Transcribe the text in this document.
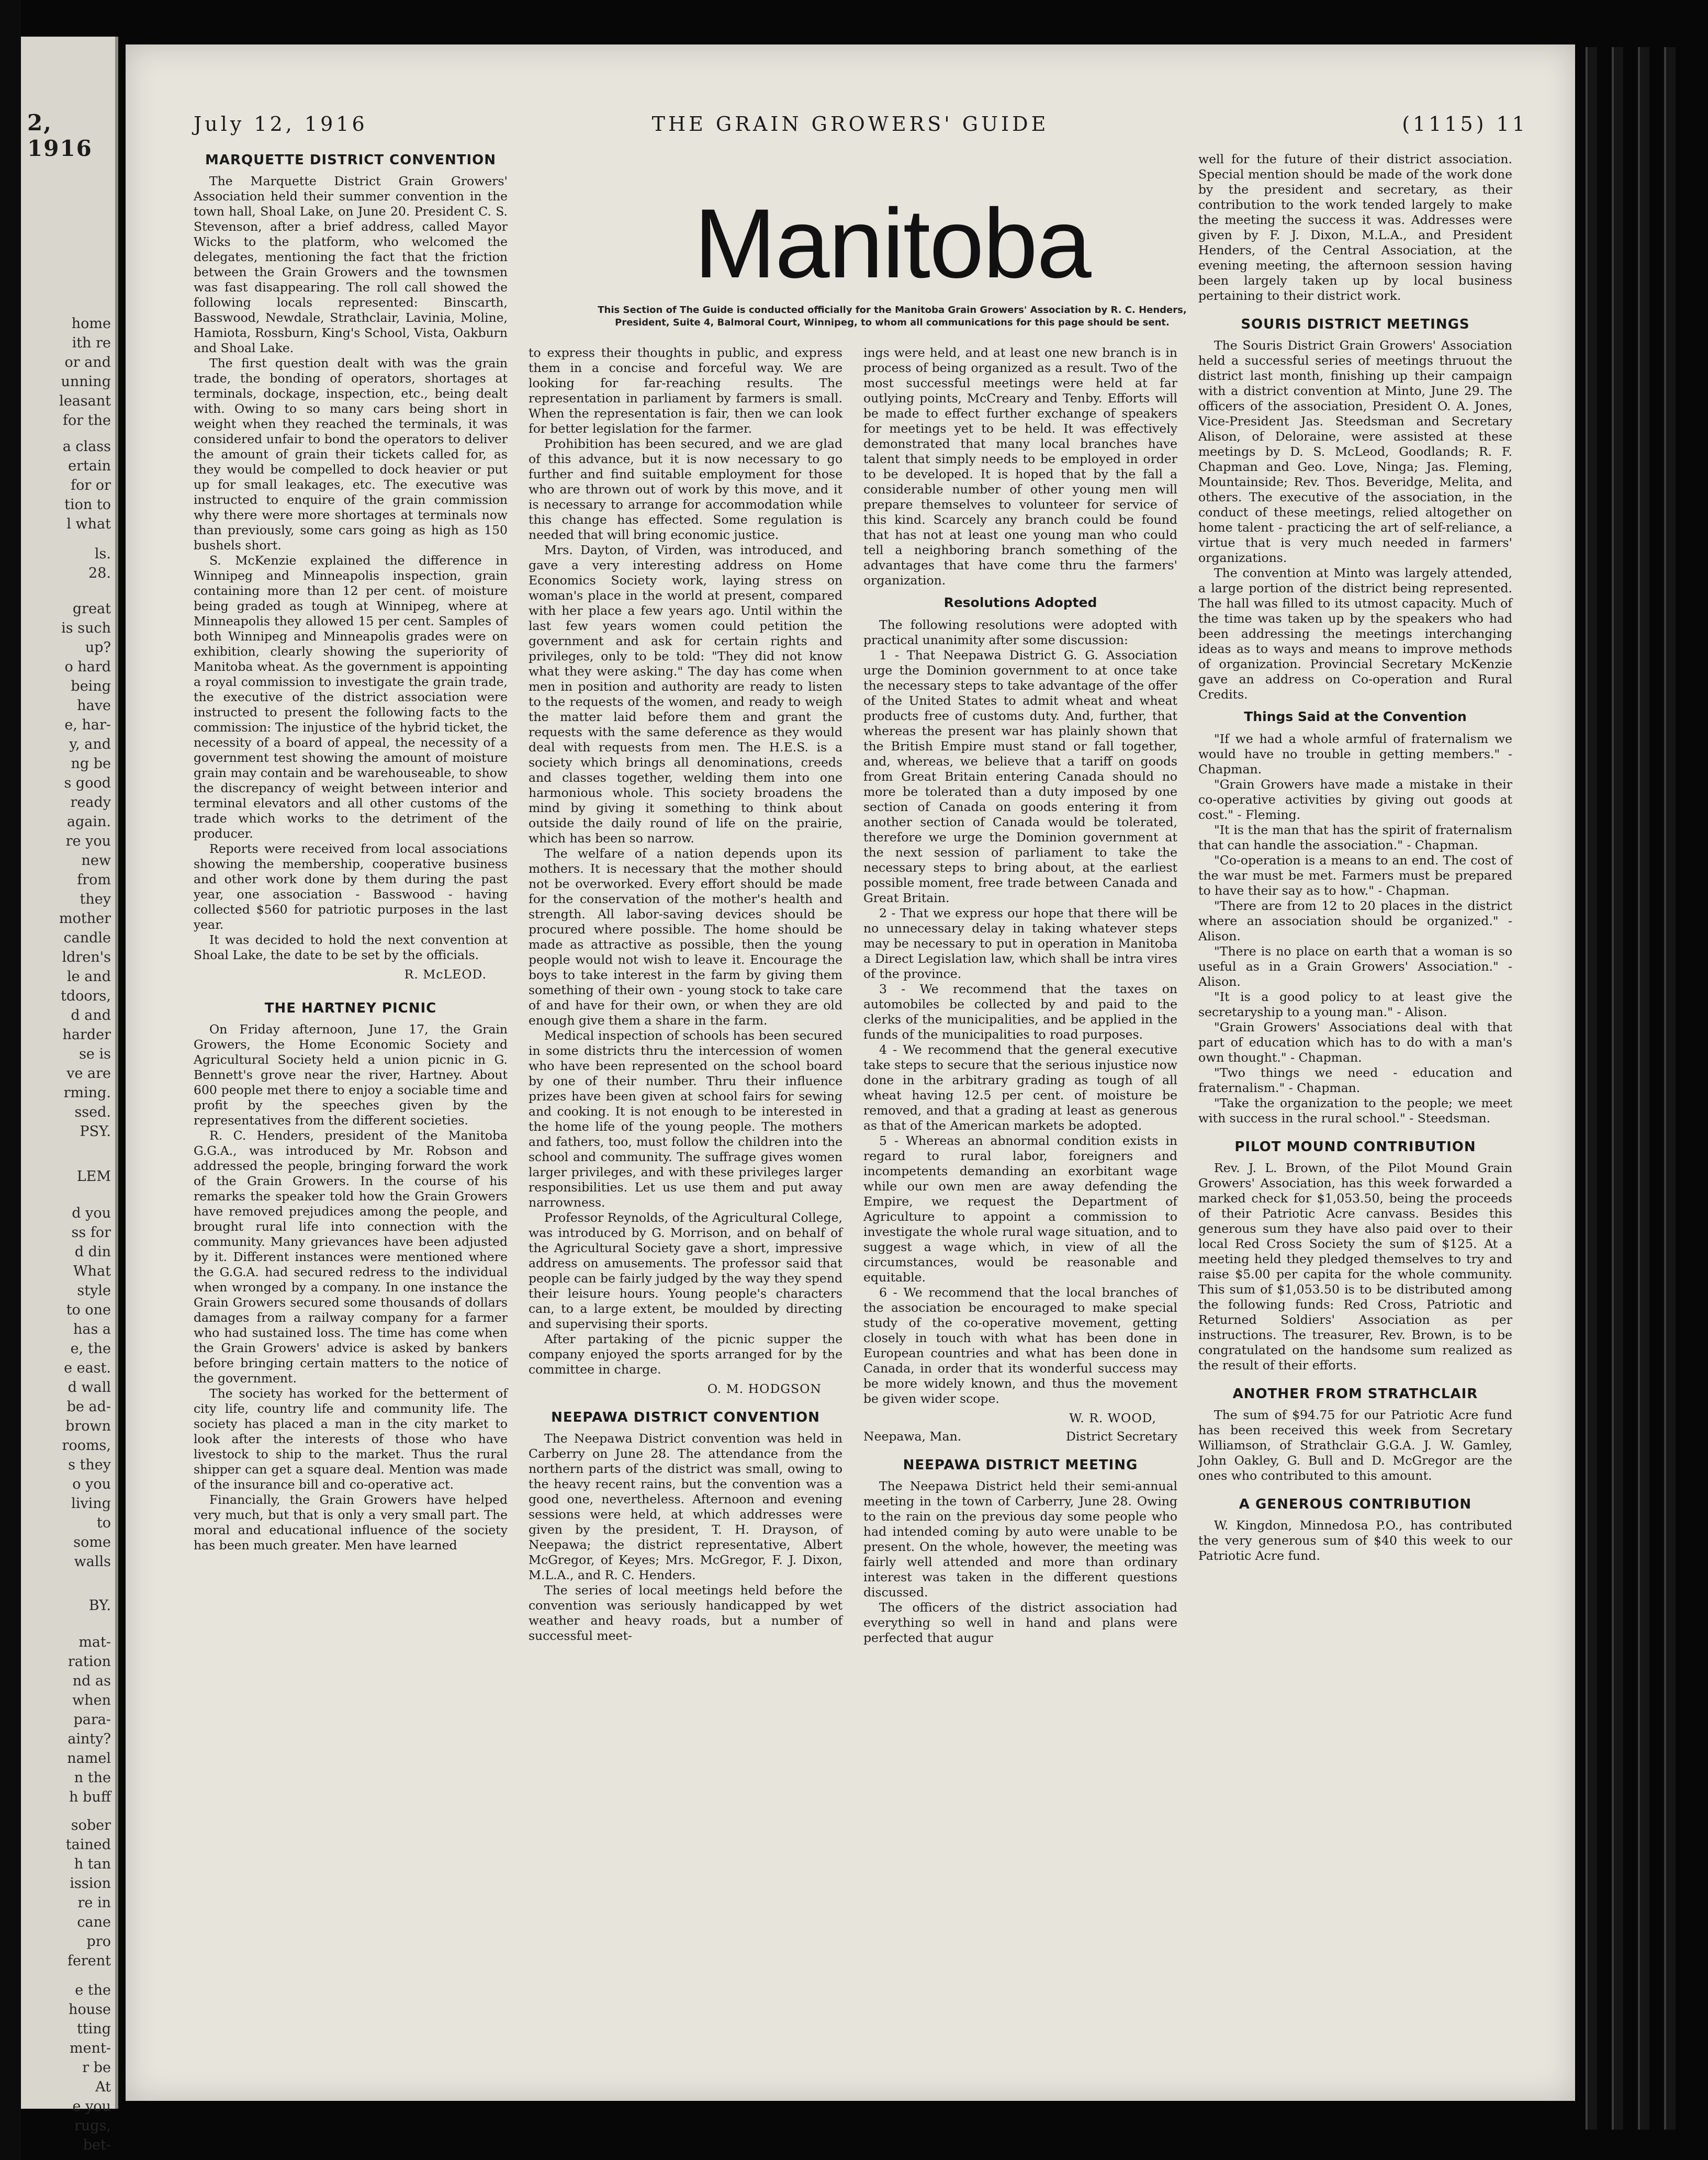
2, 1916
home
ith re
or and
unning
leasant
for the
a class
ertain
for or
tion to
l what
ls.
28.
great
is such
up?
o hard
being
have
e, har-
y, and
ng be
s good
ready
again.
re you
new
from
they
mother
candle
ldren's
le and
tdoors,
d and
harder
se is
ve are
rming.
ssed.
PSY.
LEM
d you
ss for
d din
What
style
to one
has a
e, the
e east.
d wall
be ad-
brown
rooms,
s they
o you
living
to
some
walls
BY.
mat-
ration
nd as
when
para-
ainty?
namel
n the
h buff
sober
tained
h tan
ission
re in
cane
pro
ferent
e the
house
tting
ment-
r be
At
e you
rugs,
bet-
July 12, 1916	THE GRAIN GROWERS' GUIDE	(1115) 11
Manitoba
This Section of The Guide is conducted officially for the Manitoba Grain Growers' Association by R. C. Henders, President, Suite 4, Balmoral Court, Winnipeg, to whom all communications for this page should be sent.
MARQUETTE DISTRICT CONVENTION

The Marquette District Grain Growers' Association held their summer convention in the town hall, Shoal Lake, on June 20. President C. S. Stevenson, after a brief address, called Mayor Wicks to the platform, who welcomed the delegates, mentioning the fact that the friction between the Grain Growers and the townsmen was fast disappearing. The roll call showed the following locals represented: Binscarth, Basswood, Newdale, Strathclair, Lavinia, Moline, Hamiota, Rossburn, King's School, Vista, Oakburn and Shoal Lake.

The first question dealt with was the grain trade, the bonding of operators, shortages at terminals, dockage, inspection, etc., being dealt with. Owing to so many cars being short in weight when they reached the terminals, it was considered unfair to bond the operators to deliver the amount of grain their tickets called for, as they would be compelled to dock heavier or put up for small leakages, etc. The executive was instructed to enquire of the grain commission why there were more shortages at terminals now than previously, some cars going as high as 150 bushels short.

S. McKenzie explained the difference in Winnipeg and Minneapolis inspection, grain containing more than 12 per cent. of moisture being graded as tough at Winnipeg, where at Minneapolis they allowed 15 per cent. Samples of both Winnipeg and Minneapolis grades were on exhibition, clearly showing the superiority of Manitoba wheat. As the government is appointing a royal commission to investigate the grain trade, the executive of the district association were instructed to present the following facts to the commission: The injustice of the hybrid ticket, the necessity of a board of appeal, the necessity of a government test showing the amount of moisture grain may contain and be warehouseable, to show the discrepancy of weight between interior and terminal elevators and all other customs of the trade which works to the detriment of the producer.

Reports were received from local associations showing the membership, cooperative business and other work done by them during the past year, one association - Basswood - having collected $560 for patriotic purposes in the last year.

It was decided to hold the next convention at Shoal Lake, the date to be set by the officials.

R. McLEOD.
THE HARTNEY PICNIC

On Friday afternoon, June 17, the Grain Growers, the Home Economic Society and Agricultural Society held a union picnic in G. Bennett's grove near the river, Hartney. About 600 people met there to enjoy a sociable time and profit by the speeches given by the representatives from the different societies.

R. C. Henders, president of the Manitoba G.G.A., was introduced by Mr. Robson and addressed the people, bringing forward the work of the Grain Growers. In the course of his remarks the speaker told how the Grain Growers have removed prejudices among the people, and brought rural life into connection with the community. Many grievances have been adjusted by it. Different instances were mentioned where the G.G.A. had secured redress to the individual when wronged by a company. In one instance the Grain Growers secured some thousands of dollars damages from a railway company for a farmer who had sustained loss. The time has come when the Grain Growers' advice is asked by bankers before bringing certain matters to the notice of the government.

The society has worked for the betterment of city life, country life and community life. The society has placed a man in the city market to look after the interests of those who have livestock to ship to the market. Thus the rural shipper can get a square deal. Mention was made of the insurance bill and co-operative act.

Financially, the Grain Growers have helped very much, but that is only a very small part. The moral and educational influence of the society has been much greater. Men have learned

to express their thoughts in public, and express them in a concise and forceful way. We are looking for far-reaching results. The representation in parliament by farmers is small. When the representation is fair, then we can look for better legislation for the farmer.

Prohibition has been secured, and we are glad of this advance, but it is now necessary to go further and find suitable employment for those who are thrown out of work by this move, and it is necessary to arrange for accommodation while this change has effected. Some regulation is needed that will bring economic justice.

Mrs. Dayton, of Virden, was introduced, and gave a very interesting address on Home Economics Society work, laying stress on woman's place in the world at present, compared with her place a few years ago. Until within the last few years women could petition the government and ask for certain rights and privileges, only to be told: "They did not know what they were asking." The day has come when men in position and authority are ready to listen to the requests of the women, and ready to weigh the matter laid before them and grant the requests with the same deference as they would deal with requests from men. The H.E.S. is a society which brings all denominations, creeds and classes together, welding them into one harmonious whole. This society broadens the mind by giving it something to think about outside the daily round of life on the prairie, which has been so narrow.

The welfare of a nation depends upon its mothers. It is necessary that the mother should not be overworked. Every effort should be made for the conservation of the mother's health and strength. All labor-saving devices should be procured where possible. The home should be made as attractive as possible, then the young people would not wish to leave it. Encourage the boys to take interest in the farm by giving them something of their own - young stock to take care of and have for their own, or when they are old enough give them a share in the farm.

Medical inspection of schools has been secured in some districts thru the intercession of women who have been represented on the school board by one of their number. Thru their influence prizes have been given at school fairs for sewing and cooking. It is not enough to be interested in the home life of the young people. The mothers and fathers, too, must follow the children into the school and community. The suffrage gives women larger privileges, and with these privileges larger responsibilities. Let us use them and put away narrowness.

Professor Reynolds, of the Agricultural College, was introduced by G. Morrison, and on behalf of the Agricultural Society gave a short, impressive address on amusements. The professor said that people can be fairly judged by the way they spend their leisure hours. Young people's characters can, to a large extent, be moulded by directing and supervising their sports.

After partaking of the picnic supper the company enjoyed the sports arranged for by the committee in charge.

O. M. HODGSON
NEEPAWA DISTRICT CONVENTION

The Neepawa District convention was held in Carberry on June 28. The attendance from the northern parts of the district was small, owing to the heavy recent rains, but the convention was a good one, nevertheless. Afternoon and evening sessions were held, at which addresses were given by the president, T. H. Drayson, of Neepawa; the district representative, Albert McGregor, of Keyes; Mrs. McGregor, F. J. Dixon, M.L.A., and R. C. Henders.

The series of local meetings held before the convention was seriously handicapped by wet weather and heavy roads, but a number of successful meet-

ings were held, and at least one new branch is in process of being organized as a result. Two of the most successful meetings were held at far outlying points, McCreary and Tenby. Efforts will be made to effect further exchange of speakers for meetings yet to be held. It was effectively demonstrated that many local branches have talent that simply needs to be employed in order to be developed. It is hoped that by the fall a considerable number of other young men will prepare themselves to volunteer for service of this kind. Scarcely any branch could be found that has not at least one young man who could tell a neighboring branch something of the advantages that have come thru the farmers' organization.

Resolutions Adopted

The following resolutions were adopted with practical unanimity after some discussion:

1 - That Neepawa District G. G. Association urge the Dominion government to at once take the necessary steps to take advantage of the offer of the United States to admit wheat and wheat products free of customs duty. And, further, that whereas the present war has plainly shown that the British Empire must stand or fall together, and, whereas, we believe that a tariff on goods from Great Britain entering Canada should no more be tolerated than a duty imposed by one section of Canada on goods entering it from another section of Canada would be tolerated, therefore we urge the Dominion government at the next session of parliament to take the necessary steps to bring about, at the earliest possible moment, free trade between Canada and Great Britain.

2 - That we express our hope that there will be no unnecessary delay in taking whatever steps may be necessary to put in operation in Manitoba a Direct Legislation law, which shall be intra vires of the province.

3 - We recommend that the taxes on automobiles be collected by and paid to the clerks of the municipalities, and be applied in the funds of the municipalities to road purposes.

4 - We recommend that the general executive take steps to secure that the serious injustice now done in the arbitrary grading as tough of all wheat having 12.5 per cent. of moisture be removed, and that a grading at least as generous as that of the American markets be adopted.

5 - Whereas an abnormal condition exists in regard to rural labor, foreigners and incompetents demanding an exorbitant wage while our own men are away defending the Empire, we request the Department of Agriculture to appoint a commission to investigate the whole rural wage situation, and to suggest a wage which, in view of all the circumstances, would be reasonable and equitable.

6 - We recommend that the local branches of the association be encouraged to make special study of the co-operative movement, getting closely in touch with what has been done in European countries and what has been done in Canada, in order that its wonderful success may be more widely known, and thus the movement be given wider scope.

W. R. WOOD,
Neepawa, Man.	District Secretary
NEEPAWA DISTRICT MEETING

The Neepawa District held their semi-annual meeting in the town of Carberry, June 28. Owing to the rain on the previous day some people who had intended coming by auto were unable to be present. On the whole, however, the meeting was fairly well attended and more than ordinary interest was taken in the different questions discussed.

The officers of the district association had everything so well in hand and plans were perfected that augur

well for the future of their district association. Special mention should be made of the work done by the president and secretary, as their contribution to the work tended largely to make the meeting the success it was. Addresses were given by F. J. Dixon, M.L.A., and President Henders, of the Central Association, at the evening meeting, the afternoon session having been largely taken up by local business pertaining to their district work.

SOURIS DISTRICT MEETINGS

The Souris District Grain Growers' Association held a successful series of meetings thruout the district last month, finishing up their campaign with a district convention at Minto, June 29. The officers of the association, President O. A. Jones, Vice-President Jas. Steedsman and Secretary Alison, of Deloraine, were assisted at these meetings by D. S. McLeod, Goodlands; R. F. Chapman and Geo. Love, Ninga; Jas. Fleming, Mountainside; Rev. Thos. Beveridge, Melita, and others. The executive of the association, in the conduct of these meetings, relied altogether on home talent - practicing the art of self-reliance, a virtue that is very much needed in farmers' organizations.

The convention at Minto was largely attended, a large portion of the district being represented. The hall was filled to its utmost capacity. Much of the time was taken up by the speakers who had been addressing the meetings interchanging ideas as to ways and means to improve methods of organization. Provincial Secretary McKenzie gave an address on Co-operation and Rural Credits.

Things Said at the Convention

"If we had a whole armful of fraternalism we would have no trouble in getting members." - Chapman.

"Grain Growers have made a mistake in their co-operative activities by giving out goods at cost." - Fleming.

"It is the man that has the spirit of fraternalism that can handle the association." - Chapman.

"Co-operation is a means to an end. The cost of the war must be met. Farmers must be prepared to have their say as to how." - Chapman.

"There are from 12 to 20 places in the district where an association should be organized." - Alison.

"There is no place on earth that a woman is so useful as in a Grain Growers' Association." - Alison.

"It is a good policy to at least give the secretaryship to a young man." - Alison.

"Grain Growers' Associations deal with that part of education which has to do with a man's own thought." - Chapman.

"Two things we need - education and fraternalism." - Chapman.

"Take the organization to the people; we meet with success in the rural school." - Steedsman.

PILOT MOUND CONTRIBUTION

Rev. J. L. Brown, of the Pilot Mound Grain Growers' Association, has this week forwarded a marked check for $1,053.50, being the proceeds of their Patriotic Acre canvass. Besides this generous sum they have also paid over to their local Red Cross Society the sum of $125. At a meeting held they pledged themselves to try and raise $5.00 per capita for the whole community. This sum of $1,053.50 is to be distributed among the following funds: Red Cross, Patriotic and Returned Soldiers' Association as per instructions. The treasurer, Rev. Brown, is to be congratulated on the handsome sum realized as the result of their efforts.

ANOTHER FROM STRATHCLAIR

The sum of $94.75 for our Patriotic Acre fund has been received this week from Secretary Williamson, of Strathclair G.G.A. J. W. Gamley, John Oakley, G. Bull and D. McGregor are the ones who contributed to this amount.

A GENEROUS CONTRIBUTION

W. Kingdon, Minnedosa P.O., has contributed the very generous sum of $40 this week to our Patriotic Acre fund.
